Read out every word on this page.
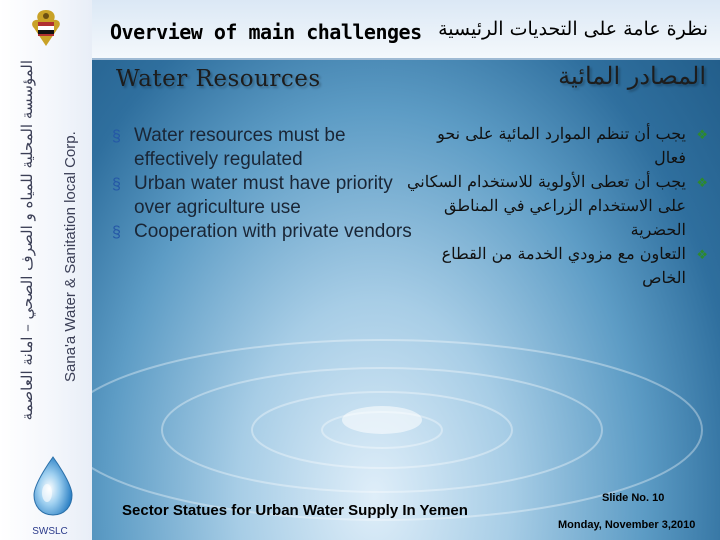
المؤسسة المحلية للمياه و الصرف الصحي – امانة العاصمة Sana'a Water & Sanitation local Corp.
SWSLC
Overview of main challenges نظرة عامة على التحديات الرئيسية
Water Resources	المصادر المائية
§ Water resources must be effectively regulated
§ Urban water must have priority over agriculture use
§ Cooperation with private vendors
❖
يجب أن تنظم الموارد المائية على نحو فعال
❖
يجب أن تعطى الأولوية للاستخدام السكاني على الاستخدام الزراعي في المناطق الحضرية
❖
التعاون مع مزودي الخدمة من القطاع الخاص
Sector Statues for Urban Water Supply In Yemen
Slide No. 10
Monday, November 3,2010
